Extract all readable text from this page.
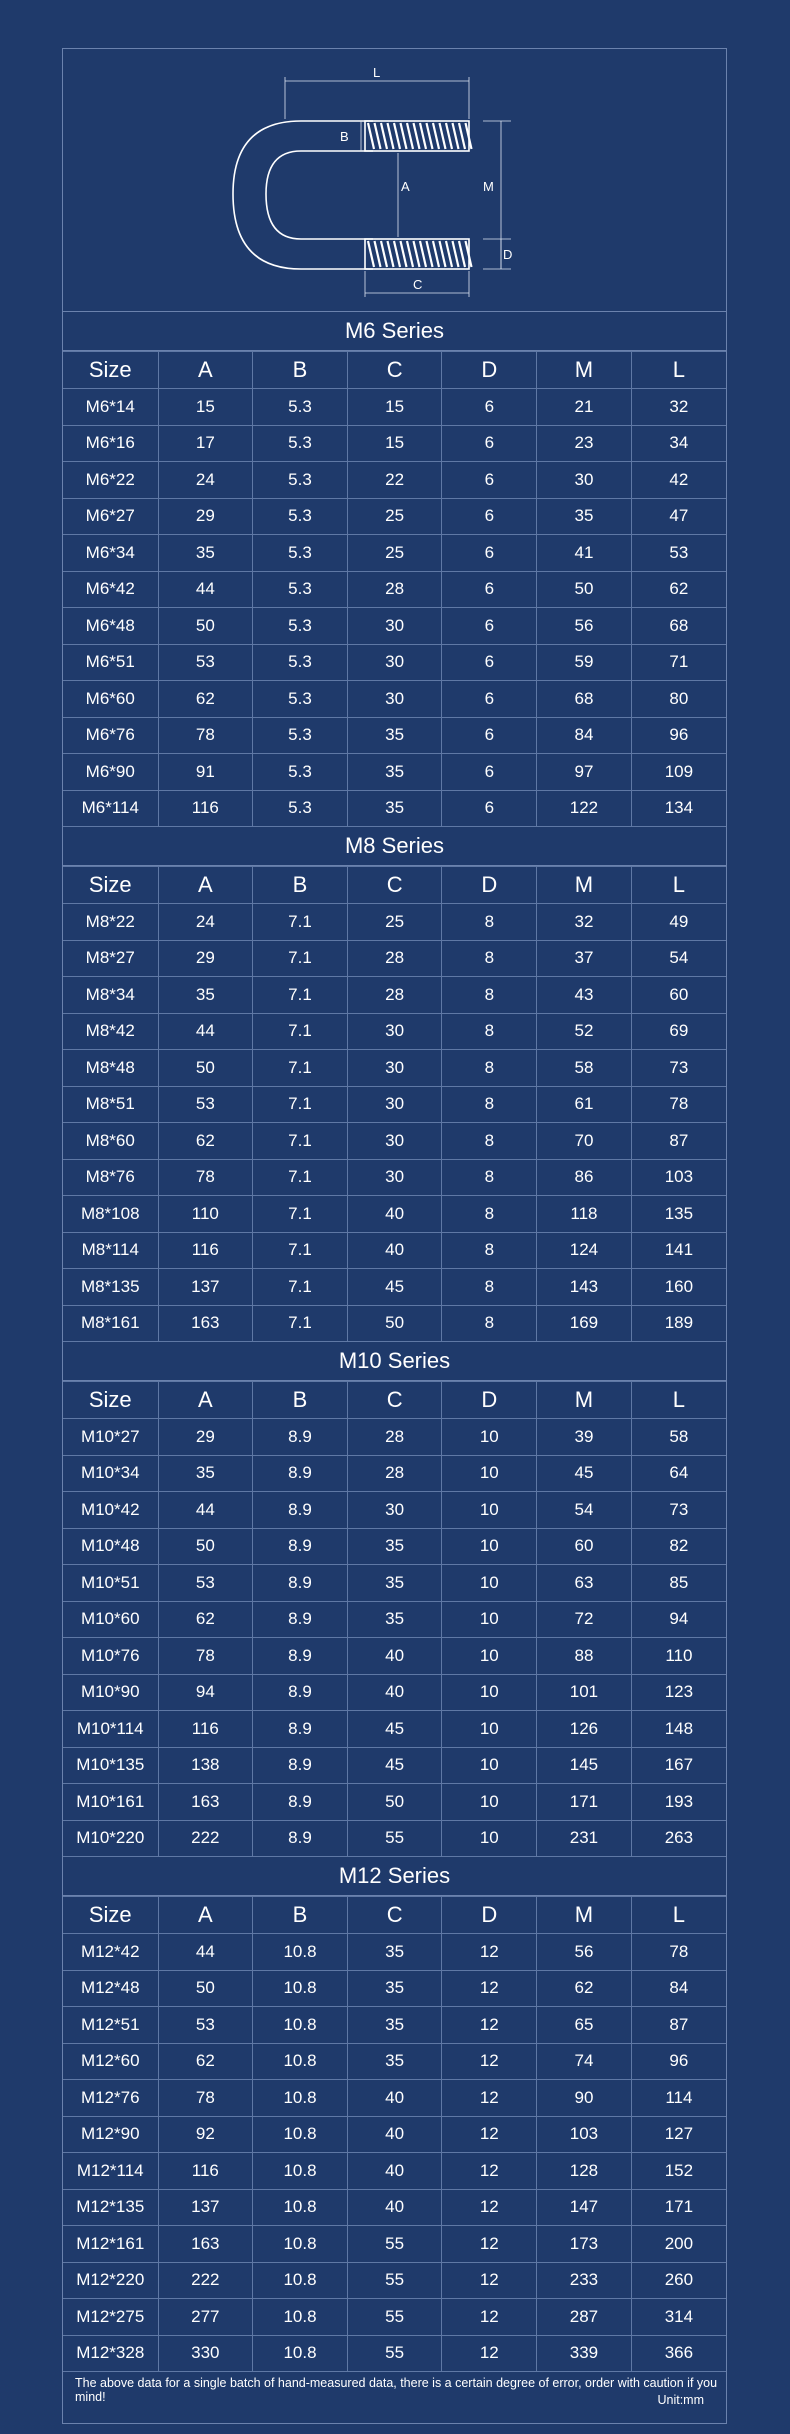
L
B
A	M
D
C
M6 Series
Size	A	B	C	D	M	L
M6*14	15	5.3	15	6	21	32
M6*16	17	5.3	15	6	23	34
M6*22	24	5.3	22	6	30	42
M6*27	29	5.3	25	6	35	47
M6*34	35	5.3	25	6	41	53
M6*42	44	5.3	28	6	50	62
M6*48	50	5.3	30	6	56	68
M6*51	53	5.3	30	6	59	71
M6*60	62	5.3	30	6	68	80
M6*76	78	5.3	35	6	84	96
M6*90	91	5.3	35	6	97	109
M6*114	116	5.3	35	6	122	134
M8 Series
Size	A	B	C	D	M	L
M8*22	24	7.1	25	8	32	49
M8*27	29	7.1	28	8	37	54
M8*34	35	7.1	28	8	43	60
M8*42	44	7.1	30	8	52	69
M8*48	50	7.1	30	8	58	73
M8*51	53	7.1	30	8	61	78
M8*60	62	7.1	30	8	70	87
M8*76	78	7.1	30	8	86	103
M8*108	110	7.1	40	8	118	135
M8*114	116	7.1	40	8	124	141
M8*135	137	7.1	45	8	143	160
M8*161	163	7.1	50	8	169	189
M10 Series
Size	A	B	C	D	M	L
M10*27	29	8.9	28	10	39	58
M10*34	35	8.9	28	10	45	64
M10*42	44	8.9	30	10	54	73
M10*48	50	8.9	35	10	60	82
M10*51	53	8.9	35	10	63	85
M10*60	62	8.9	35	10	72	94
M10*76	78	8.9	40	10	88	110
M10*90	94	8.9	40	10	101	123
M10*114	116	8.9	45	10	126	148
M10*135	138	8.9	45	10	145	167
M10*161	163	8.9	50	10	171	193
M10*220	222	8.9	55	10	231	263
M12 Series
Size	A	B	C	D	M	L
M12*42	44	10.8	35	12	56	78
M12*48	50	10.8	35	12	62	84
M12*51	53	10.8	35	12	65	87
M12*60	62	10.8	35	12	74	96
M12*76	78	10.8	40	12	90	114
M12*90	92	10.8	40	12	103	127
M12*114	116	10.8	40	12	128	152
M12*135	137	10.8	40	12	147	171
M12*161	163	10.8	55	12	173	200
M12*220	222	10.8	55	12	233	260
M12*275	277	10.8	55	12	287	314
M12*328	330	10.8	55	12	339	366
The above data for a single batch of hand-measured data, there is a certain degree of error, order with caution if you mind!	Unit:mm
